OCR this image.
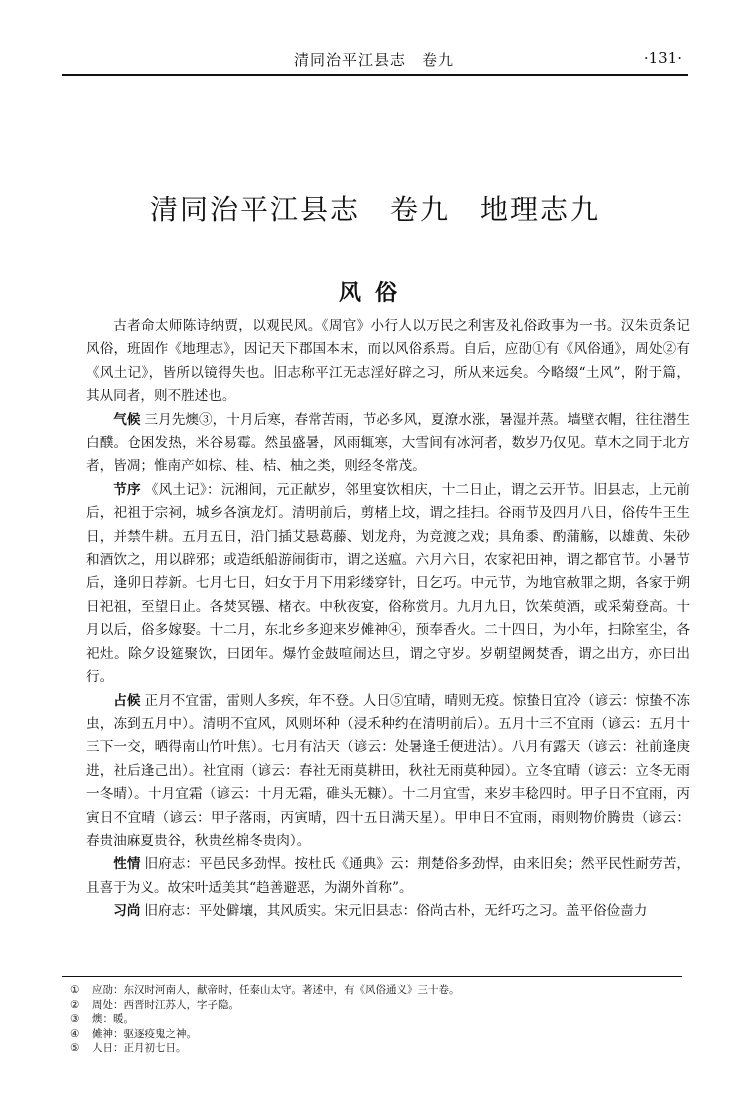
清同治平江县志　卷九	·131·
清同治平江县志　卷九　地理志九
风俗

古者命太师陈诗纳贾，以观民风。《周官》小行人以万民之利害及礼俗政事为一书。汉朱贡条记风俗，班固作《地理志》，因记天下郡国本末，而以风俗系焉。自后，应劭①有《风俗通》，周处②有《风土记》，皆所以镜得失也。旧志称平江无志淫好辟之习，所从来远矣。今略缀“土风”，附于篇，其从同者，则不胜述也。

气候 三月先燠③，十月后寒，春常苦雨，节必多风，夏潦水涨，暑湿并蒸。墙壁衣帽，往往潜生白醭。仓困发热，米谷易霉。然虽盛暑，风雨辄寒，大雪间有冰河者，数岁乃仅见。草木之同于北方者，皆凋；惟南产如棕、桂、桔、柚之类，则经冬常茂。

节序 《风土记》：沅湘间，元正献岁，邻里宴饮相庆，十二日止，谓之云开节。旧县志，上元前后，祀祖于宗祠，城乡各演龙灯。清明前后，剪楮上坟，谓之挂扫。谷雨节及四月八日，俗传牛王生日，并禁牛耕。五月五日，沿门插艾悬葛藤、划龙舟，为竞渡之戏；具角黍、酌蒲觞，以雄黄、朱砂和酒饮之，用以辟邪；或造纸船游闹街市，谓之送瘟。六月六日，农家祀田神，谓之都官节。小暑节后，逢卯日荐新。七月七日，妇女于月下用彩缕穿针，日乞巧。中元节，为地官赦罪之期，各家于朔日祀祖，至望日止。各焚冥镪、楮衣。中秋夜宴，俗称赏月。九月九日，饮茱萸酒，或采菊登高。十月以后，俗多嫁娶。十二月，东北乡多迎来岁傩神④，预奉香火。二十四日，为小年，扫除室尘，各祀灶。除夕设筵聚饮，曰团年。爆竹金鼓喧闹达旦，谓之守岁。岁朝望阙焚香，谓之出方，亦曰出行。

占候 正月不宜雷，雷则人多疾，年不登。人日⑤宜晴，晴则无疫。惊蛰日宜冷（谚云：惊蛰不冻虫，冻到五月中）。清明不宜风，风则坏种（浸禾种约在清明前后）。五月十三不宜雨（谚云：五月十三下一交，晒得南山竹叶焦）。七月有沽天（谚云：处暑逢壬便进沽）。八月有露天（谚云：社前逢庚进，社后逢己出）。社宜雨（谚云：春社无雨莫耕田，秋社无雨莫种园）。立冬宜晴（谚云：立冬无雨一冬晴）。十月宜霜（谚云：十月无霜，碓头无糠）。十二月宜雪，来岁丰稔四时。甲子日不宜雨，丙寅日不宜晴（谚云：甲子落雨，丙寅晴，四十五日满天星）。甲申日不宜雨，雨则物价腾贵（谚云：春贵油麻夏贵谷，秋贵丝棉冬贵肉）。

性情 旧府志：平邑民多劲悍。按杜氏《通典》云：荆楚俗多劲悍，由来旧矣；然平民性耐劳苦，且喜于为义。故宋叶适美其“趋善避恶，为湖外首称”。

习尚 旧府志：平处僻壤，其风质实。宋元旧县志：俗尚古朴，无纤巧之习。盖平俗俭啬力

① 应劭：东汉时河南人，献帝时，任泰山太守。著述中，有《风俗通义》三十卷。
② 周处：西晋时江苏人，字子隐。
③ 燠：暖。
④ 傩神：驱逐疫鬼之神。
⑤ 人日：正月初七日。
